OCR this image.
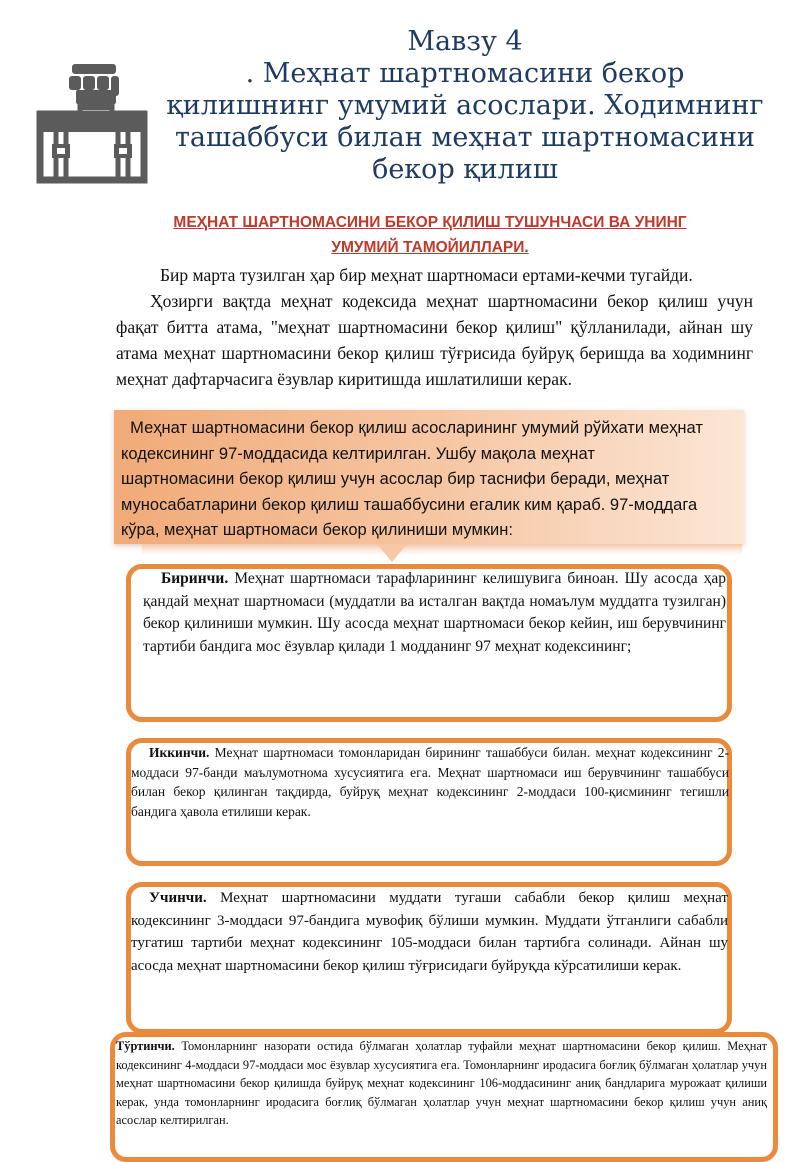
Мавзу 4
. Меҳнат шартномасини бекор
қилишнинг умумий асослари. Ходимнинг
ташаббуси билан меҳнат шартномасини
бекор қилиш
МЕҲНАТ ШАРТНОМАСИНИ БЕКОР ҚИЛИШ ТУШУНЧАСИ ВА УНИНГ
УМУМИЙ ТАМОЙИЛЛАРИ.

Бир марта тузилган ҳар бир меҳнат шартномаси ертами-кечми тугайди.

Ҳозирги вақтда меҳнат кодексида меҳнат шартномасини бекор қилиш учун фақат битта атама, "меҳнат шартномасини бекор қилиш" қўлланилади, айнан шу атама меҳнат шартномасини бекор қилиш тўғрисида буйруқ беришда ва ходимнинг меҳнат дафтарчасига ёзувлар киритишда ишлатилиши керак.

Меҳнат шартномасини бекор қилиш асосларининг умумий рўйхати меҳнат
кодексининг 97-моддасида келтирилган. Ушбу мақола меҳнат
шартномасини бекор қилиш учун асослар бир таснифи беради, меҳнат
муносабатларини бекор қилиш ташаббусини егалик ким қараб. 97-моддага
кўра, меҳнат шартномаси бекор қилиниши мумкин:
Биринчи. Меҳнат шартномаси тарафларининг келишувига биноан. Шу асосда ҳар қандай меҳнат шартномаси (муддатли ва исталган вақтда номаълум муддатга тузилган) бекор қилиниши мумкин. Шу асосда меҳнат шартномаси бекор кейин, иш берувчининг тартиби бандига мос ёзувлар қилади 1 модданинг 97 меҳнат кодексининг;
Иккинчи. Меҳнат шартномаси томонларидан бирининг ташаббуси билан. меҳнат кодексининг 2-моддаси 97-банди маълумотнома хусусиятига ега. Меҳнат шартномаси иш берувчининг ташаббуси билан бекор қилинган тақдирда, буйруқ меҳнат кодексининг 2-моддаси 100-қисмининг тегишли бандига ҳавола етилиши керак.
Учинчи. Меҳнат шартномасини муддати тугаши сабабли бекор қилиш меҳнат кодексининг 3-моддаси 97-бандига мувофиқ бўлиши мумкин. Муддати ўтганлиги сабабли тугатиш тартиби меҳнат кодексининг 105-моддаси билан тартибга солинади. Айнан шу асосда меҳнат шартномасини бекор қилиш тўғрисидаги буйруқда кўрсатилиши керак.
Тўртинчи. Томонларнинг назорати остида бўлмаган ҳолатлар туфайли меҳнат шартномасини бекор қилиш. Меҳнат кодексининг 4-моддаси 97-моддаси мос ёзувлар хусусиятига ега. Томонларнинг иродасига боғлиқ бўлмаган ҳолатлар учун меҳнат шартномасини бекор қилишда буйруқ меҳнат кодексининг 106-моддасининг аниқ бандларига мурожаат қилиши керак, унда томонларнинг иродасига боғлиқ бўлмаган ҳолатлар учун меҳнат шартномасини бекор қилиш учун аниқ асослар келтирилган.
